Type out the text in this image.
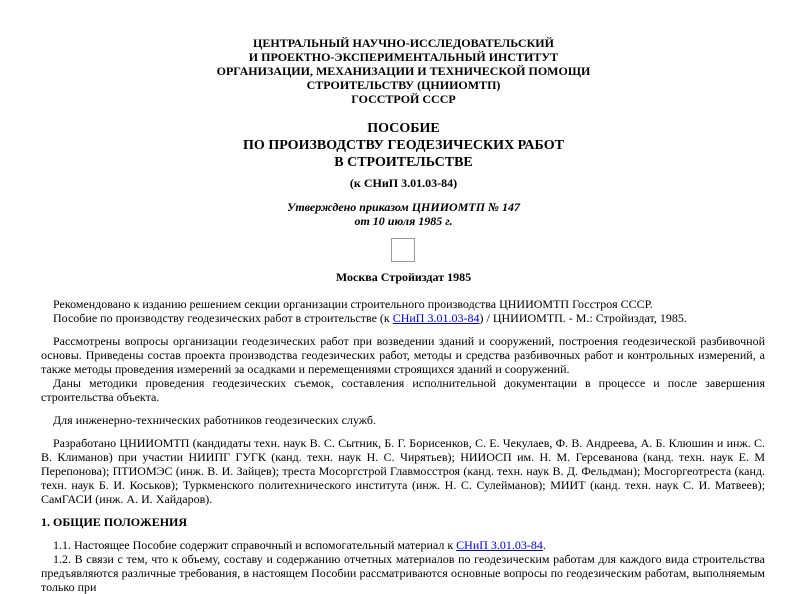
ЦЕНТРАЛЬНЫЙ НАУЧНО-ИССЛЕДОВАТЕЛЬСКИЙ
И ПРОЕКТНО-ЭКСПЕРИМЕНТАЛЬНЫЙ ИНСТИТУТ
ОРГАНИЗАЦИИ, МЕХАНИЗАЦИИ И ТЕХНИЧЕСКОЙ ПОМОЩИ
СТРОИТЕЛЬСТВУ (ЦНИИОМТП)
ГОССТРОЙ СССР
ПОСОБИЕ
ПО ПРОИЗВОДСТВУ ГЕОДЕЗИЧЕСКИХ РАБОТ
В СТРОИТЕЛЬСТВЕ
(к СНиП 3.01.03-84)
Утверждено приказом ЦНИИОМТП № 147
от 10 июля 1985 г.
Москва Стройиздат 1985

Рекомендовано к изданию решением секции организации строительного производства ЦНИИОМТП Госстроя СССР.

Пособие по производству геодезических работ в строительстве (к СНиП 3.01.03-84) / ЦНИИОМТП. - М.: Стройиздат, 1985.

Рассмотрены вопросы организации геодезических работ при возведении зданий и сооружений, построения геодезической разбивочной основы. Приведены состав проекта производства геодезических работ, методы и средства разбивочных работ и контрольных измерений, а также методы проведения измерений за осадками и перемещениями строящихся зданий и сооружений.

Даны методики проведения геодезических съемок, составления исполнительной документации в процессе и после завершения строительства объекта.

Для инженерно-технических работников геодезических служб.

Разработано ЦНИИОМТП (кандидаты техн. наук В. С. Сытник, Б. Г. Борисенков, С. Е. Чекулаев, Ф. В. Андреева, А. Б. Клюшин и инж. С. В. Климанов) при участии НИИПГ ГУГК (канд. техн. наук Н. С. Чирятьев); НИИОСП им. Н. М. Герсеванова (канд. техн. наук Е. М Перепонова); ПТИОМЭС (инж. В. И. Зайцев); треста Мосоргстрой Главмосстроя (канд. техн. наук В. Д. Фельдман); Мосгоргеотреста (канд. техн. наук Б. И. Коськов); Туркменского политехнического института (инж. Н. С. Сулейманов); МИИТ (канд. техн. наук С. И. Матвеев); СамГАСИ (инж. А. И. Хайдаров).

1. ОБЩИЕ ПОЛОЖЕНИЯ

1.1. Настоящее Пособие содержит справочный и вспомогательный материал к СНиП 3.01.03-84.

1.2. В связи с тем, что к объему, составу и содержанию отчетных материалов по геодезическим работам для каждого вида строительства предъявляются различные требования, в настоящем Пособии рассматриваются основные вопросы по геодезическим работам, выполняемым только при
